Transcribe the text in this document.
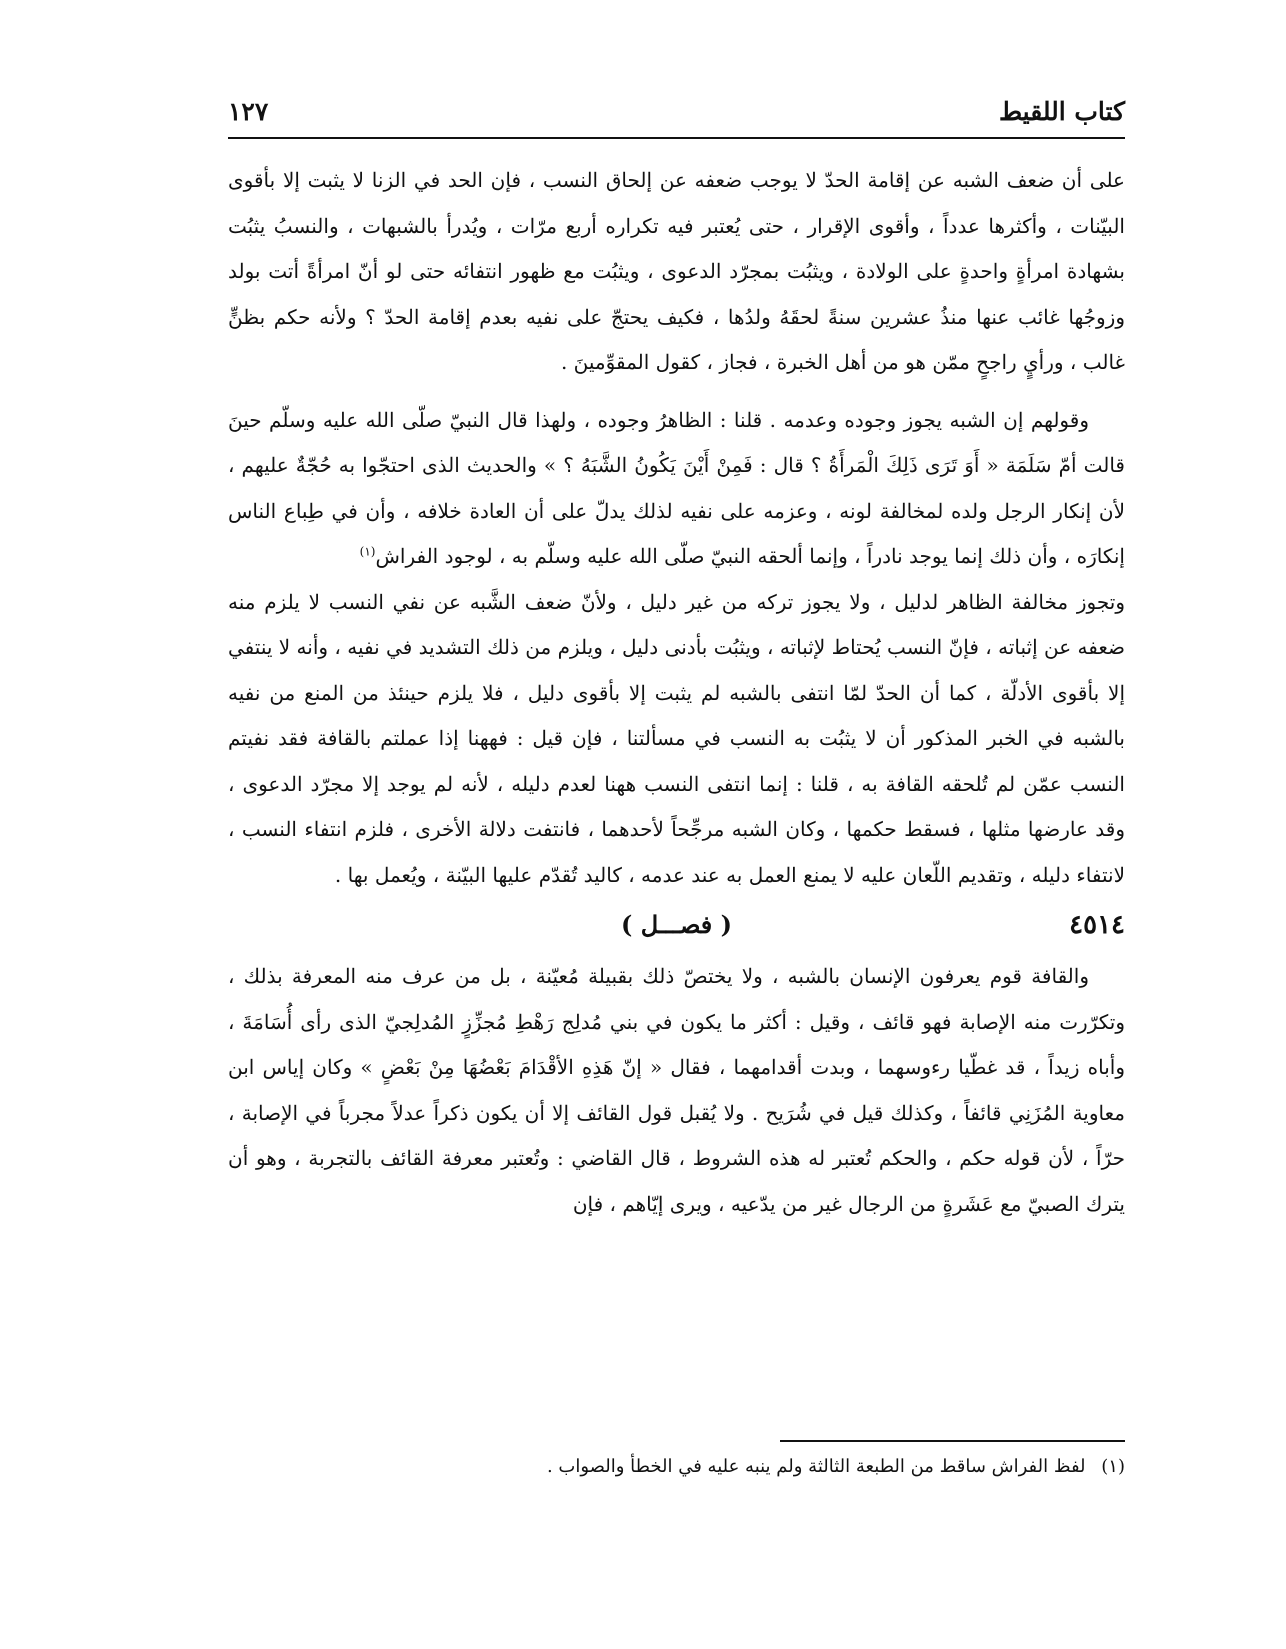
كتاب اللقيط
١٢٧

على أن ضعف الشبه عن إقامة الحدّ لا يوجب ضعفه عن إلحاق النسب ، فإن الحد في الزنا لا يثبت إلا بأقوى البيّنات ، وأكثرها عدداً ، وأقوى الإقرار ، حتى يُعتبر فيه تكراره أربع مرّات ، ويُدرأ بالشبهات ، والنسبُ يثبُت بشهادة امرأةٍ واحدةٍ على الولادة ، ويثبُت بمجرّد الدعوى ، ويثبُت مع ظهور انتفائه حتى لو أنّ امرأةً أتت بولد وزوجُها غائب عنها منذُ عشرين سنةً لحقَهُ ولدُها ، فكيف يحتجّ على نفيه بعدم إقامة الحدّ ؟ ولأنه حكم بظنٍّ غالب ، ورأيٍ راجحٍ ممّن هو من أهل الخبرة ، فجاز ، كقول المقوِّمينَ .

وقولهم إن الشبه يجوز وجوده وعدمه . قلنا : الظاهرُ وجوده ، ولهذا قال النبيّ صلّى الله عليه وسلّم حينَ قالت أمّ سَلَمَة « أَوَ تَرَى ذَلِكَ الْمَرأَةُ ؟ قال : فَمِنْ أَيْنَ يَكُونُ الشَّبَهُ ؟ » والحديث الذى احتجّوا به حُجّةٌ عليهم ، لأن إنكار الرجل ولده لمخالفة لونه ، وعزمه على نفيه لذلك يدلّ على أن العادة خلافه ، وأن في طِباع الناس إنكارَه ، وأن ذلك إنما يوجد نادراً ، وإنما ألحقه النبيّ صلّى الله عليه وسلّم به ، لوجود الفراش$^{(١)}$

وتجوز مخالفة الظاهر لدليل ، ولا يجوز تركه من غير دليل ، ولأنّ ضعف الشَّبه عن نفي النسب لا يلزم منه ضعفه عن إثباته ، فإنّ النسب يُحتاط لإثباته ، ويثبُت بأدنى دليل ، ويلزم من ذلك التشديد في نفيه ، وأنه لا ينتفي إلا بأقوى الأدلّة ، كما أن الحدّ لمّا انتفى بالشبه لم يثبت إلا بأقوى دليل ، فلا يلزم حينئذ من المنع من نفيه بالشبه في الخبر المذكور أن لا يثبُت به النسب في مسألتنا ، فإن قيل : فههنا إذا عملتم بالقافة فقد نفيتم النسب عمّن لم تُلحقه القافة به ، قلنا : إنما انتفى النسب ههنا لعدم دليله ، لأنه لم يوجد إلا مجرّد الدعوى ، وقد عارضها مثلها ، فسقط حكمها ، وكان الشبه مرجِّحاً لأحدهما ، فانتفت دلالة الأخرى ، فلزم انتفاء النسب ، لانتفاء دليله ، وتقديم اللّعان عليه لا يمنع العمل به عند عدمه ، كاليد تُقدّم عليها البيّنة ، ويُعمل بها .

٤٥١٤
( فصـــل )

والقافة قوم يعرفون الإنسان بالشبه ، ولا يختصّ ذلك بقبيلة مُعيّنة ، بل من عرف منه المعرفة بذلك ، وتكرّرت منه الإصابة فهو قائف ، وقيل : أكثر ما يكون في بني مُدلِج رَهْطِ مُجزِّزٍ المُدلِجيّ الذى رأى أُسَامَةَ ، وأباه زيداً ، قد غطّيا رءوسهما ، وبدت أقدامهما ، فقال « إنّ هَذِهِ الأقْدَامَ بَعْضُهَا مِنْ بَعْضٍ » وكان إياس ابن معاوية المُزَنِي قائفاً ، وكذلك قيل في شُرَيح . ولا يُقبل قول القائف إلا أن يكون ذكراً عدلاً مجرباً في الإصابة ، حرّاً ، لأن قوله حكم ، والحكم تُعتبر له هذه الشروط ، قال القاضي : وتُعتبر معرفة القائف بالتجربة ، وهو أن يترك الصبيّ مع عَشَرةٍ من الرجال غير من يدّعيه ، ويرى إيّاهم ، فإن

(١) لفظ الفراش ساقط من الطبعة الثالثة ولم ينبه عليه في الخطأ والصواب .
